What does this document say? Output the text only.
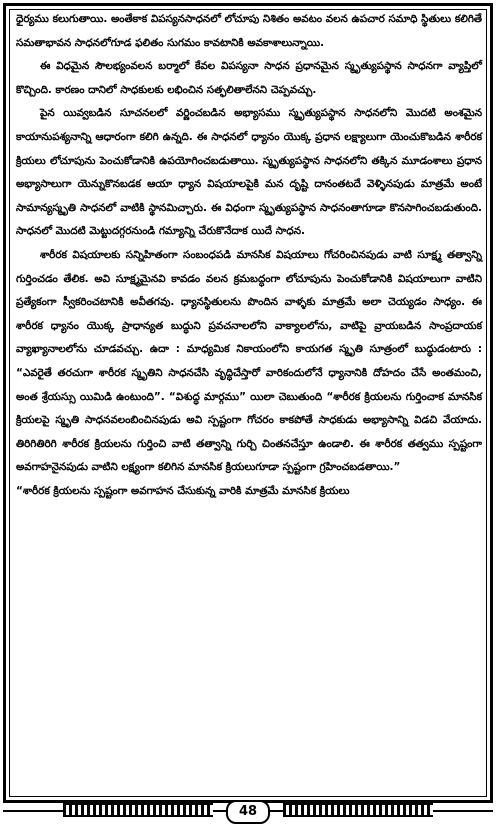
ధైర్యము కలుగుతాయి. అంతేకాక విపస్యనసాధనలో లోచూపు నిశితం అవటం వలన ఉపచార సమాధి స్థితులు కలిగితే సమతాభావన సాధనలోగూడ ఫలితం సుగమం కావటానికి అవకాశాలున్నాయి.

ఈ విధమైన సౌలభ్యంవలన బర్మాలో కేవల విపస్యనా సాధన ప్రధానమైన స్మృత్యుపస్థాన సాధనగా వ్యాప్తిలో కొచ్చింది. కారణం దానిలో సాధకులకు లభించిన సత్ఫలితాలేనని చెప్పవచ్చు.

పైన యివ్వబడిన సూచనలలో వర్ణించబడిన అభ్యాసము స్మృత్యుపస్థాన సాధనలోని మొదటి అంశమైన కాయానుపశ్యనాన్ని ఆధారంగా కలిగి ఉన్నది. ఈ సాధనలో ధ్యానం యొక్క ప్రధాన లక్ష్యాలుగా యెంచుకొబడిన శారీరక క్రియలు లోచూపును పెంచుకోడానికి ఉపయోగించబడుతాయి. స్మృత్యుపస్థాన సాధనలోని తక్కిన మూడంశాలు ప్రధాన అభ్యాసాలుగా యెన్నుకొనబడక ఆయా ధ్యాన విషయాలపైకి మన దృష్టి దానంతటదే వెళ్ళినపుడు మాత్రమే అంటే సామాన్యస్మృతి సాధనలో వాటికి స్థానమిచ్చారు. ఈ విధంగా స్మృత్యుపస్థాన సాధనంతాగూడా కొనసాగించబడుతుంది. సాధనలో మొదటి మెట్టుదగ్గరనుండి గమ్యాన్ని చేరుకొనేదాక యిదే సాధన.

శారీరక విషయాలకు సన్నిహితంగా సంబంధపడి మానసిక విషయాలు గోచరించినపుడు వాటి సూక్ష్మ తత్వాన్ని గుర్తించడం తేలిక. అవి సూక్ష్మమైనవి కావడం వలన క్రమబద్ధంగా లోచూపును పెంచుకోడానికి విషయాలుగా వాటిని ప్రత్యేకంగా స్వీకరించటానికి అవీతగవు. ధ్యానస్థితులను పొందిన వాళ్ళకు మాత్రమే అలా చెయ్యడం సాధ్యం. ఈ శారీరక ధ్యానం యొక్క ప్రాధాన్యత బుద్ధుని ప్రవచనాలలోని వాక్యాలలోను, వాటిపై వ్రాయబడిన సాంప్రదాయక వ్యాఖ్యానాలలోను చూడవచ్చు. ఉదా : మాధ్యమిక నికాయంలోని కాయగత స్మృతి సూత్రంలో బుద్ధుడంటారు : “ఎవరైతే తరచుగా శారీరక స్మృతిని సాధనచేసి వృద్ధిచేస్తారో వారికందులోనే ధ్యానానికి దోహదం చేసే అంతమంచి, అంత శ్రేయస్సు యిమిడి ఉంటుంది”. “విశుద్ధ మార్గము” యిలా చెబుతుంది “శారీరక క్రియలను గుర్తించాక మానసిక క్రియలపై స్మృతి సాధనవలంబించినపుడు అవి స్పష్టంగా గోచరం కాకపోతే సాధకుడు అభ్యాసాన్ని విడచి వేయాదు. తిరిగితిరిగి శారీరక క్రియలను గుర్తించి వాటి తత్వాన్ని గుర్చి చింతనచేస్తూ ఉండాలి. ఈ శారీరక తత్వము స్పష్టంగా అవగాహనైనపుడు వాటిని లక్ష్యంగా కలిగిన మానసిక క్రియలుగూడా స్పష్టంగా గ్రహించబడతాయి.”

“శారీరక క్రియలను స్పష్టంగా అవగాహన చేసుకున్న వారికి మాత్రమే మానసిక క్రియలు

48
